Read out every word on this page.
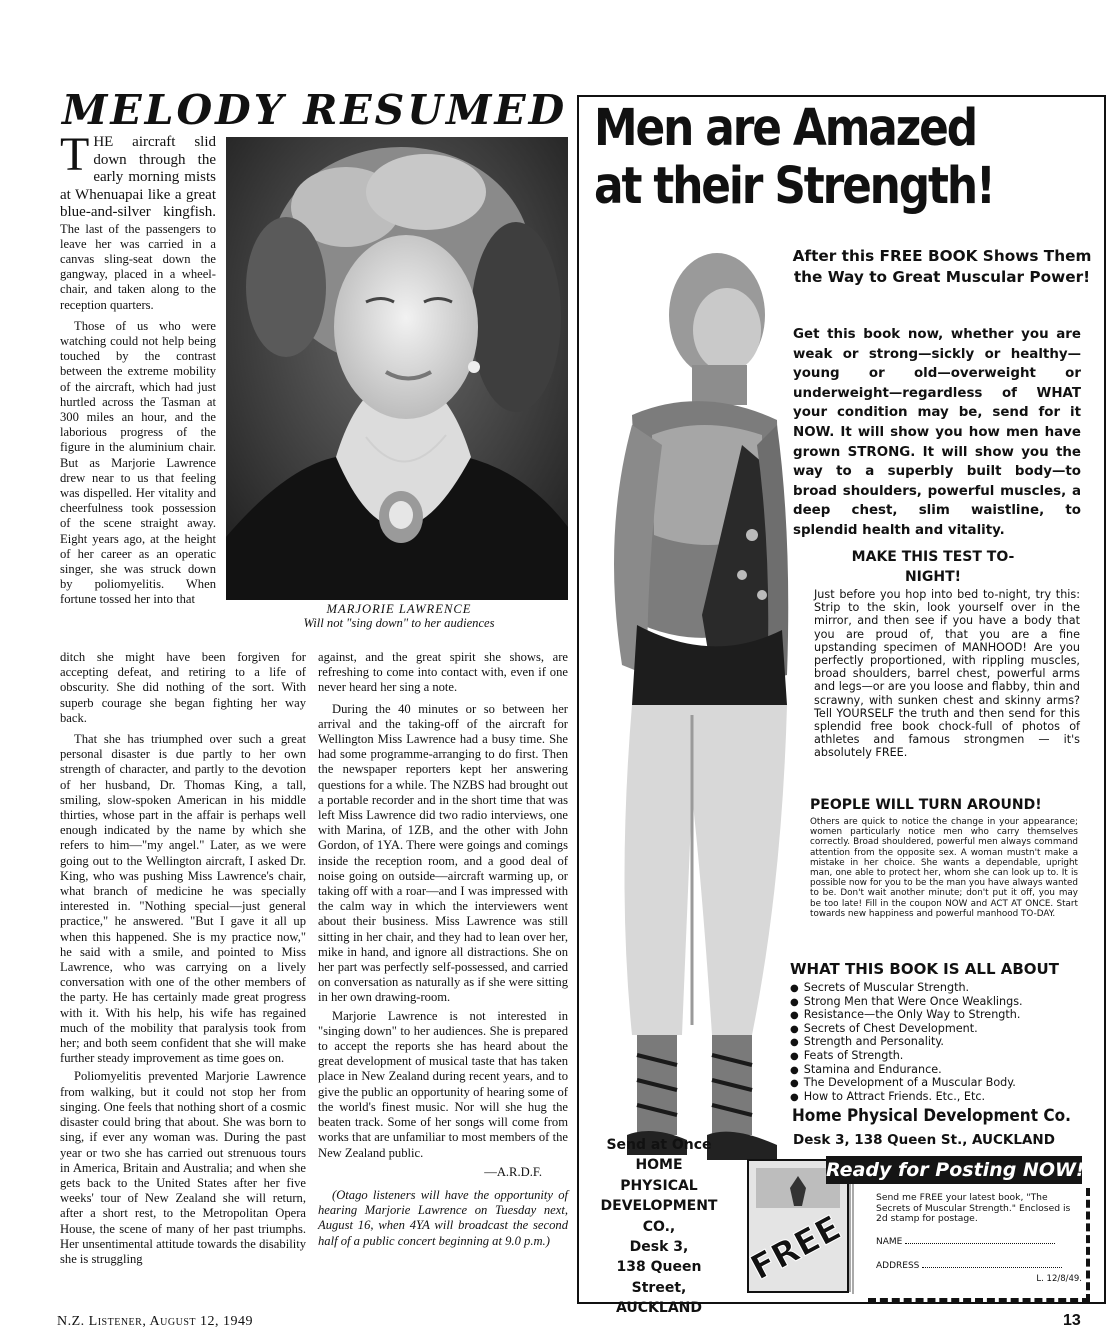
MELODY RESUMED

T HE aircraft slid down through the early morning mists at Whenuapai like a great blue-and-silver kingfish. The last of the passengers to leave her was carried in a canvas sling-seat down the gangway, placed in a wheel-chair, and taken along to the reception quarters.

Those of us who were watching could not help being touched by the contrast between the extreme mobility of the aircraft, which had just hurtled across the Tasman at 300 miles an hour, and the laborious progress of the figure in the aluminium chair. But as Marjorie Lawrence drew near to us that feeling was dispelled. Her vitality and cheerfulness took possession of the scene straight away. Eight years ago, at the height of her career as an operatic singer, she was struck down by poliomyelitis. When fortune tossed her into that

MARJORIE LAWRENCE
Will not "sing down" to her audiences

ditch she might have been forgiven for accepting defeat, and retiring to a life of obscurity. She did nothing of the sort. With superb courage she began fighting her way back.

That she has triumphed over such a great personal disaster is due partly to her own strength of character, and partly to the devotion of her husband, Dr. Thomas King, a tall, smiling, slow-spoken American in his middle thirties, whose part in the affair is perhaps well enough indicated by the name by which she refers to him—"my angel." Later, as we were going out to the Wellington aircraft, I asked Dr. King, who was pushing Miss Lawrence's chair, what branch of medicine he was specially interested in. "Nothing special—just general practice," he answered. "But I gave it all up when this happened. She is my practice now," he said with a smile, and pointed to Miss Lawrence, who was carrying on a lively conversation with one of the other members of the party. He has certainly made great progress with it. With his help, his wife has regained much of the mobility that paralysis took from her; and both seem confident that she will make further steady improvement as time goes on.

Poliomyelitis prevented Marjorie Lawrence from walking, but it could not stop her from singing. One feels that nothing short of a cosmic disaster could bring that about. She was born to sing, if ever any woman was. During the past year or two she has carried out strenuous tours in America, Britain and Australia; and when she gets back to the United States after her five weeks' tour of New Zealand she will return, after a short rest, to the Metropolitan Opera House, the scene of many of her past triumphs. Her unsentimental attitude towards the disability she is struggling

against, and the great spirit she shows, are refreshing to come into contact with, even if one never heard her sing a note.

During the 40 minutes or so between her arrival and the taking-off of the aircraft for Wellington Miss Lawrence had a busy time. She had some programme-arranging to do first. Then the newspaper reporters kept her answering questions for a while. The NZBS had brought out a portable recorder and in the short time that was left Miss Lawrence did two radio interviews, one with Marina, of 1ZB, and the other with John Gordon, of 1YA. There were goings and comings inside the reception room, and a good deal of noise going on outside—aircraft warming up, or taking off with a roar—and I was impressed with the calm way in which the interviewers went about their business. Miss Lawrence was still sitting in her chair, and they had to lean over her, mike in hand, and ignore all distractions. She on her part was perfectly self-possessed, and carried on conversation as naturally as if she were sitting in her own drawing-room.

Marjorie Lawrence is not interested in "singing down" to her audiences. She is prepared to accept the reports she has heard about the great development of musical taste that has taken place in New Zealand during recent years, and to give the public an opportunity of hearing some of the world's finest music. Nor will she hug the beaten track. Some of her songs will come from works that are unfamiliar to most members of the New Zealand public.

—A.R.D.F.

(Otago listeners will have the opportunity of hearing Marjorie Lawrence on Tuesday next, August 16, when 4YA will broadcast the second half of a public concert beginning at 9.0 p.m.)

N.Z. Listener, August 12, 1949	13
Men are Amazed
at their Strength!
After this FREE BOOK Shows Them the Way to Great Muscular Power!
Get this book now, whether you are weak or strong—sickly or healthy—young or old—overweight or underweight—regardless of WHAT your condition may be, send for it NOW. It will show you how men have grown STRONG. It will show you the way to a superbly built body—to broad shoulders, powerful muscles, a deep chest, slim waistline, to splendid health and vitality.
MAKE THIS TEST TO-NIGHT!
Just before you hop into bed to-night, try this: Strip to the skin, look yourself over in the mirror, and then see if you have a body that you are proud of, that you are a fine upstanding specimen of MANHOOD! Are you perfectly proportioned, with rippling muscles, broad shoulders, barrel chest, powerful arms and legs—or are you loose and flabby, thin and scrawny, with sunken chest and skinny arms? Tell YOURSELF the truth and then send for this splendid free book chock-full of photos of athletes and famous strongmen — it's absolutely FREE.
PEOPLE WILL TURN AROUND!
Others are quick to notice the change in your appearance; women particularly notice men who carry themselves correctly. Broad shouldered, powerful men always command attention from the opposite sex. A woman mustn't make a mistake in her choice. She wants a dependable, upright man, one able to protect her, whom she can look up to. It is possible now for you to be the man you have always wanted to be. Don't wait another minute; don't put it off, you may be too late! Fill in the coupon NOW and ACT AT ONCE. Start towards new happiness and powerful manhood TO-DAY.
WHAT THIS BOOK IS ALL ABOUT
● Secrets of Muscular Strength.
● Strong Men that Were Once Weaklings.
● Resistance—the Only Way to Strength.
● Secrets of Chest Development.
● Strength and Personality.
● Feats of Strength.
● Stamina and Endurance.
● The Development of a Muscular Body.
● How to Attract Friends. Etc., Etc.
Home Physical Development Co.
Desk 3, 138 Queen St., AUCKLAND
Send at Once
HOME
PHYSICAL
DEVELOPMENT
CO.,
Desk 3,
138 Queen Street,
AUCKLAND
FREE
Ready for Posting NOW!
Send me FREE your latest book, "The Secrets of Muscular Strength." Enclosed is 2d stamp for postage.
NAME
ADDRESS
L. 12/8/49.
